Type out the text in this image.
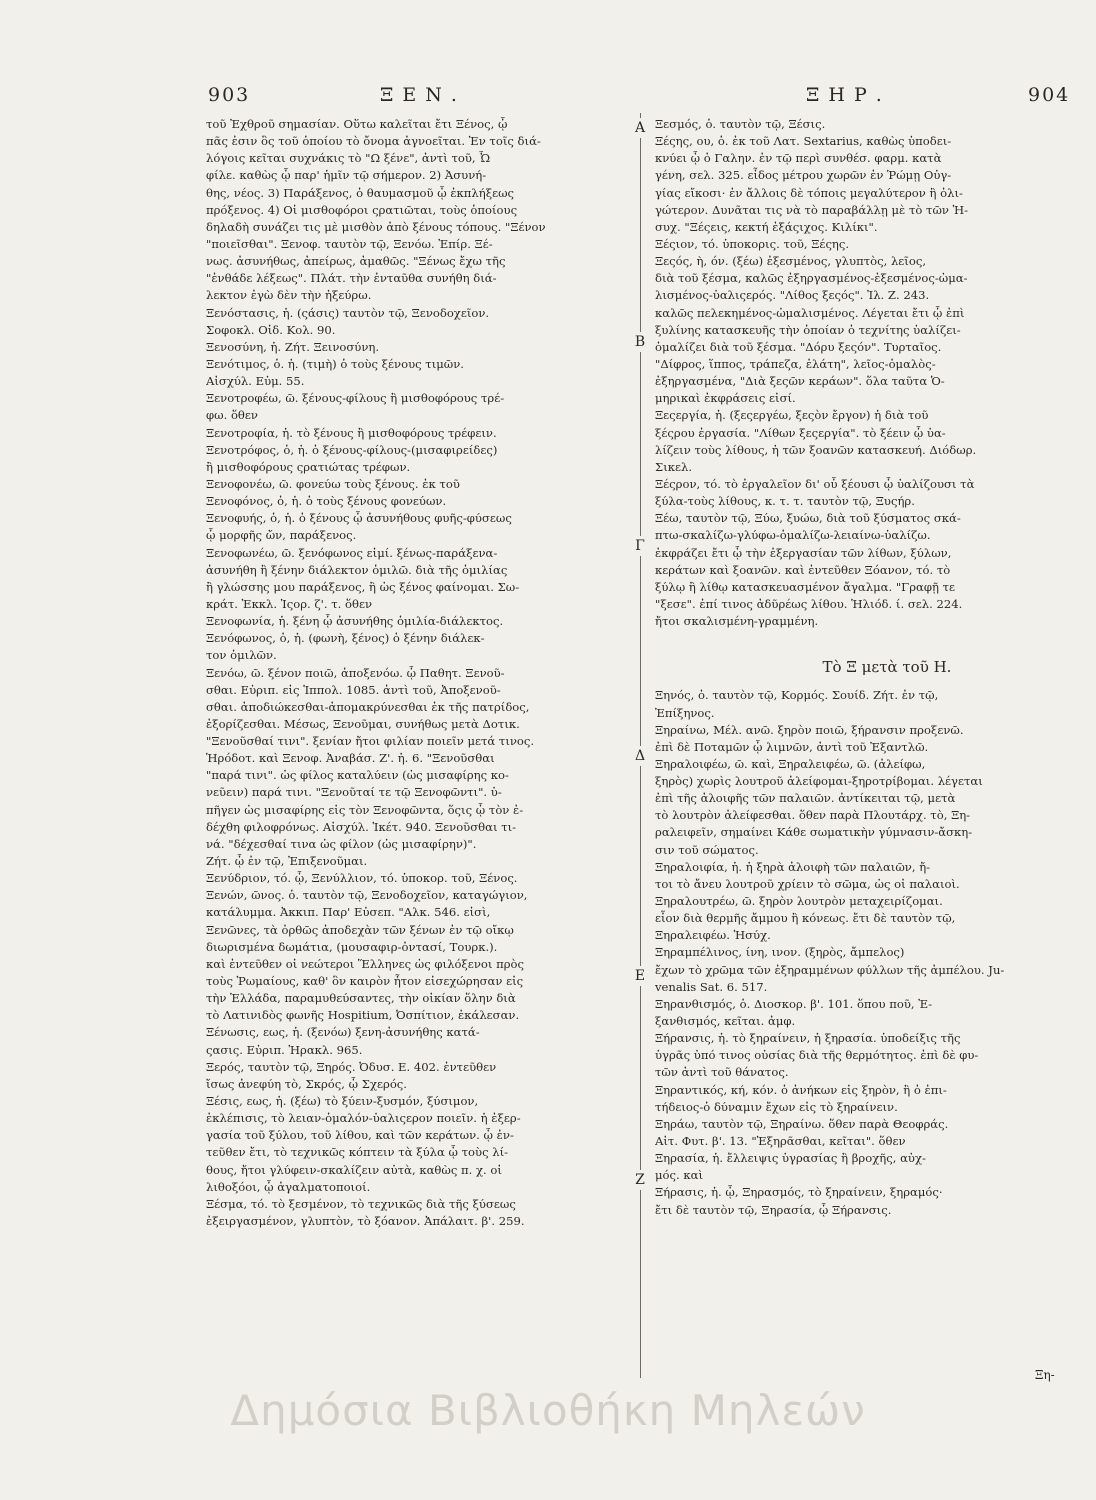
903	ΞΕΝ.	ΞΗΡ.	904
Α
Β
Γ
Δ
Ε
Ζ
τοῦ Ἐχθροῦ σημασίαν. Οὕτω καλεῖται ἔτι Ξένος, ᾧ
πᾶς ἐσιν ὃς τοῦ ὁποίου τὸ ὄνομα ἀγνοεῖται. Ἐν τοῖς διά-
λόγοις κεῖται συχνάκις τὸ "Ω ξένε", ἀντὶ τοῦ, Ὦ
φίλε. καθὼς ᾧ παρ' ἡμῖν τῷ σήμερον. 2) Ἀσυνή-
θης, νέος. 3) Παράξενος, ὁ θαυμασμοῦ ᾧ ἐκπλήξεως
πρόξενος. 4) Οἱ μισθοφόροι ςρατιῶται, τοὺς ὁποίους
δηλαδὴ συνάζει τις μὲ μισθὸν ἀπὸ ξένους τόπους. "Ξένον
"ποιεῖσθαι". Ξενοφ. ταυτὸν τῷ, Ξενόω. Ἐπίρ. Ξέ-
νως. ἀσυνήθως, ἀπείρως, ἀμαθῶς. "Ξένως ἔχω τῆς
"ἐνθάδε λέξεως". Πλάτ. τὴν ἐνταῦθα συνήθη διά-
λεκτον ἐγὼ δὲν τὴν ἠξεύρω.
Ξενόστασις, ἡ. (ςάσις) ταυτὸν τῷ, Ξενοδοχεῖον.
Σοφοκλ. Οἰδ. Κολ. 90.
Ξενοσύνη, ἡ. Ζήτ. Ξεινοσύνη.
Ξενότιμος, ὁ. ἡ. (τιμὴ) ὁ τοὺς ξένους τιμῶν.
Αἰσχύλ. Εὐμ. 55.
Ξενοτροφέω, ῶ. ξένους-φίλους ἢ μισθοφόρους τρέ-
φω. ὅθεν
Ξενοτροφία, ἡ. τὸ ξένους ἢ μισθοφόρους τρέφειν.
Ξενοτρόφος, ὁ, ἡ. ὁ ξένους-φίλους-(μισαφιρείδες)
ἢ μισθοφόρους ςρατιώτας τρέφων.
Ξενοφονέω, ῶ. φονεύω τοὺς ξένους. ἐκ τοῦ
Ξενοφόνος, ὁ, ἡ. ὁ τοὺς ξένους φονεύων.
Ξενοφυής, ὁ, ἡ. ὁ ξένους ᾧ ἀσυνήθους φυῆς-φύσεως
ᾧ μορφῆς ὤν, παράξενος.
Ξενοφωνέω, ῶ. ξενόφωνος εἰμί. ξένως-παράξενα-
ἀσυνήθη ἢ ξένην διάλεκτον ὁμιλῶ. διὰ τῆς ὁμιλίας
ἢ γλώσσης μου παράξενος, ἢ ὡς ξένος φαίνομαι. Σω-
κράτ. Ἐκκλ. Ἱςορ. ζ'. τ. ὅθεν
Ξενοφωνία, ἡ. ξένη ᾧ ἀσυνήθης ὁμιλία-διάλεκτος.
Ξενόφωνος, ὁ, ἡ. (φωνὴ, ξένος) ὁ ξένην διάλεκ-
τον ὁμιλῶν.
Ξενόω, ῶ. ξένον ποιῶ, ἀποξενόω. ᾧ Παθητ. Ξενοῦ-
σθαι. Εὐριπ. εἰς Ἱππολ. 1085. ἀντὶ τοῦ, Ἀποξενοῦ-
σθαι. ἀποδιώκεσθαι-ἀπομακρύνεσθαι ἐκ τῆς πατρίδος,
ἐξορίζεσθαι. Μέσως, Ξενοῦμαι, συνήθως μετὰ Δοτικ.
"Ξενοῦσθαί τινι". ξενίαν ἤτοι φιλίαν ποιεῖν μετά τινος.
Ἡρόδοτ. καὶ Ξενοφ. Ἀναβάσ. Ζ'. ἡ. 6. "Ξενοῦσθαι
"παρά τινι". ὡς φίλος καταλύειν (ὡς μισαφίρης κο-
νεῦειν) παρά τινι. "Ξενοῦταί τε τῷ Ξενοφῶντι". ὑ-
πῆγεν ὡς μισαφίρης εἰς τὸν Ξενοφῶντα, ὅςις ᾧ τὸν ἐ-
δέχθη φιλοφρόνως. Αἰσχύλ. Ἱκέτ. 940. Ξενοῦσθαι τι-
νά. "δέχεσθαί τινα ὡς φίλον (ὡς μισαφίρην)".
Ζήτ. ᾧ ἐν τῷ, Ἐπιξενοῦμαι.
Ξενύδριον, τό. ᾧ, Ξενύλλιον, τό. ὑποκορ. τοῦ, Ξένος.
Ξενών, ῶνος. ὁ. ταυτὸν τῷ, Ξενοδοχεῖον, καταγώγιον,
κατάλυμμα. Ἀκκιπ. Παρ' Εὐσεπ. "Αλκ. 546. εἰσὶ,
Ξενῶνες, τὰ ὀρθῶς ἀποδεχὰν τῶν ξένων ἐν τῷ οἴκῳ
διωρισμένα δωμάτια, (μουσαφιρ-ὀντασί, Τουρκ.).
καὶ ἐντεῦθεν οἱ νεώτεροι Ἕλληνες ὡς φιλόξενοι πρὸς
τοὺς Ῥωμαίους, καθ' ὃν καιρὸν ἦτον εἰσεχώρησαν εἰς
τὴν Ἑλλάδα, παραμυθεύσαντες, τὴν οἰκίαν ὅλην διὰ
τὸ Λατινιδὸς φωνῆς Hospitium, Ὀσπίτιον, ἐκάλεσαν.
Ξένωσις, εως, ἡ. (ξενόω) ξενη-ἀσυνήθης κατά-
ςασις. Εὐριπ. Ἡρακλ. 965.
Ξερός, ταυτὸν τῷ, Ξηρός. Ὀδυσ. Ε. 402. ἐντεῦθεν
ἴσως ἀνεφύη τὸ, Σκρός, ᾧ Σχερός.
Ξέσις, εως, ἡ. (ξέω) τὸ ξύειν-ξυσμόν, ξύσιμον,
ἐκλέπισις, τὸ λειαν-ὁμαλόν-ὑαλιςερον ποιεῖν. ἡ ἐξερ-
γασία τοῦ ξύλου, τοῦ λίθου, καὶ τῶν κεράτων. ᾧ ἐν-
τεῦθεν ἔτι, τὸ τεχνικῶς κόπτειν τὰ ξύλα ᾧ τοὺς λί-
θους, ἤτοι γλύφειν-σκαλίζειν αὐτὰ, καθὼς π. χ. οἱ
λιθοξόοι, ᾧ ἀγαλματοποιοί.
Ξέσμα, τό. τὸ ξεσμένον, τὸ τεχνικῶς διὰ τῆς ξύσεως
ἐξειργασμένον, γλυπτὸν, τὸ ξόανον. Ἀπάλαιτ. β'. 259.
Ξεσμός, ὁ. ταυτὸν τῷ, Ξέσις.
Ξέςης, ου, ὁ. ἐκ τοῦ Λατ. Sextarius, καθὼς ὑποδει-
κνύει ᾧ ὁ Γαλην. ἐν τῷ περὶ συνθέσ. φαρμ. κατὰ
γένη, σελ. 325. εἶδος μέτρου χωρῶν ἐν Ῥώμῃ Οὐγ-
γίας εἴκοσι· ἐν ἄλλοις δὲ τόποις μεγαλύτερον ἢ ὀλι-
γώτερον. Δυνᾶται τις νὰ τὸ παραβάλλῃ μὲ τὸ τῶν Ἡ-
συχ. "Ξέςεις, κεκτή ἐξάςιχος. Κιλίκι".
Ξέςιον, τό. ὑποκορις. τοῦ, Ξέςης.
Ξεςός, ὴ, όν. (ξέω) ἐξεσμένος, γλυπτὸς, λεῖος,
διὰ τοῦ ξέσμα, καλῶς ἐξηργασμένος-ἐξεσμένος-ὠμα-
λισμένος-ὑαλιςερός. "Λίθος ξεςός". Ἰλ. Ζ. 243.
καλῶς πελεκημένος-ὠμαλισμένος. Λέγεται ἔτι ᾧ ἐπὶ
ξυλίνης κατασκευῆς τὴν ὁποίαν ὁ τεχνίτης ὑαλίζει-
ὁμαλίζει διὰ τοῦ ξέσμα. "Δόρυ ξεςόν". Τυρταῖος.
"Δίφρος, ἵππος, τράπεζα, ἐλάτη", λεῖος-ὁμαλὸς-
ἐξηργασμένα, "Διὰ ξεςῶν κεράων". ὅλα ταῦτα Ὁ-
μηρικαὶ ἐκφράσεις εἰσί.
Ξεςεργία, ἡ. (ξεςεργέω, ξεςὸν ἔργον) ἡ διὰ τοῦ
ξέςρου ἐργασία. "Λίθων ξεςεργία". τὸ ξέειν ᾧ ὑα-
λίζειν τοὺς λίθους, ἡ τῶν ξοανῶν κατασκευή. Διόδωρ.
Σικελ.
Ξέςρον, τό. τὸ ἐργαλεῖον δι' οὗ ξέουσι ᾧ ὑαλίζουσι τὰ
ξύλα-τοὺς λίθους, κ. τ. τ. ταυτὸν τῷ, Ξυςήρ.
Ξέω, ταυτὸν τῷ, Ξύω, ξυώω, διὰ τοῦ ξύσματος σκά-
πτω-σκαλίζω-γλύφω-ὁμαλίζω-λειαίνω-ὑαλίζω.
ἐκφράζει ἔτι ᾧ τὴν ἐξεργασίαν τῶν λίθων, ξύλων,
κεράτων καὶ ξοανῶν. καὶ ἐντεῦθεν Ξόανον, τό. τὸ
ξύλῳ ἢ λίθῳ κατασκευασμένον ἄγαλμα. "Γραφῇ τε
"ξεσε". ἐπί τινος ἀδῦρέως λίθου. Ἡλιόδ. ί. σελ. 224.
ἤτοι σκαλισμένη-γραμμένη.
Τὸ Ξ μετὰ τοῦ Η.
Ξηνός, ὁ. ταυτὸν τῷ, Κορμός. Σουίδ. Ζήτ. ἐν τῷ,
Ἐπίξηνος.
Ξηραίνω, Μέλ. ανῶ. ξηρὸν ποιῶ, ξήρανσιν προξενῶ.
ἐπὶ δὲ Ποταμῶν ᾧ λιμνῶν, ἀντὶ τοῦ Ἐξαντλῶ.
Ξηραλοιφέω, ῶ. καὶ, Ξηραλειφέω, ῶ. (ἀλείφω,
ξηρὸς) χωρὶς λουτροῦ ἀλείφομαι-ξηροτρίβομαι. λέγεται
ἐπὶ τῆς ἀλοιφῆς τῶν παλαιῶν. ἀντίκειται τῷ, μετὰ
τὸ λουτρὸν ἀλείφεσθαι. ὅθεν παρὰ Πλουτάρχ. τὸ, Ξη-
ραλειφεῖν, σημαίνει Κάθε σωματικὴν γύμνασιν-ἄσκη-
σιν τοῦ σώματος.
Ξηραλοιφία, ἡ. ἡ ξηρὰ ἀλοιφὴ τῶν παλαιῶν, ἤ-
τοι τὸ ἄνευ λουτροῦ χρίειν τὸ σῶμα, ὡς οἱ παλαιοὶ.
Ξηραλουτρέω, ῶ. ξηρὸν λουτρὸν μεταχειρίζομαι.
εἶον διὰ θερμῆς ἄμμου ἢ κόνεως. ἔτι δὲ ταυτὸν τῷ,
Ξηραλειφέω. Ἡσύχ.
Ξηραμπέλινος, ίνη, ινον. (ξηρὸς, ἄμπελος)
ἔχων τὸ χρῶμα τῶν ἐξηραμμένων φύλλων τῆς ἀμπέλου. Ju-
venalis Sat. 6. 517.
Ξηρανθισμός, ὁ. Διοσκορ. β'. 101. ὅπου ποῦ, Ἐ-
ξανθισμός, κεῖται. ἀμφ.
Ξήρανσις, ἡ. τὸ ξηραίνειν, ἡ ξηρασία. ὑποδείξις τῆς
ὑγρᾶς ὑπό τινος οὐσίας διὰ τῆς θερμότητος. ἐπὶ δὲ φυ-
τῶν ἀντὶ τοῦ θάνατος.
Ξηραντικός, κή, κόν. ὁ ἀνήκων εἰς ξηρὸν, ἢ ὁ ἐπι-
τήδειος-ὁ δύναμιν ἔχων εἰς τὸ ξηραίνειν.
Ξηράω, ταυτὸν τῷ, Ξηραίνω. ὅθεν παρὰ Θεοφράς.
Αἰτ. Φυτ. β'. 13. "Ἐξηρᾶσθαι, κεῖται". ὅθεν
Ξηρασία, ἡ. ἔλλειψις ὑγρασίας ἢ βροχῆς, αὐχ-
μός. καὶ
Ξήρασις, ἡ. ᾧ, Ξηρασμός, τὸ ξηραίνειν, ξηραμός·
ἔτι δὲ ταυτὸν τῷ, Ξηρασία, ᾧ Ξήρανσις.
Ξη-
Δημόσια Βιβλιοθήκη Μηλεών
